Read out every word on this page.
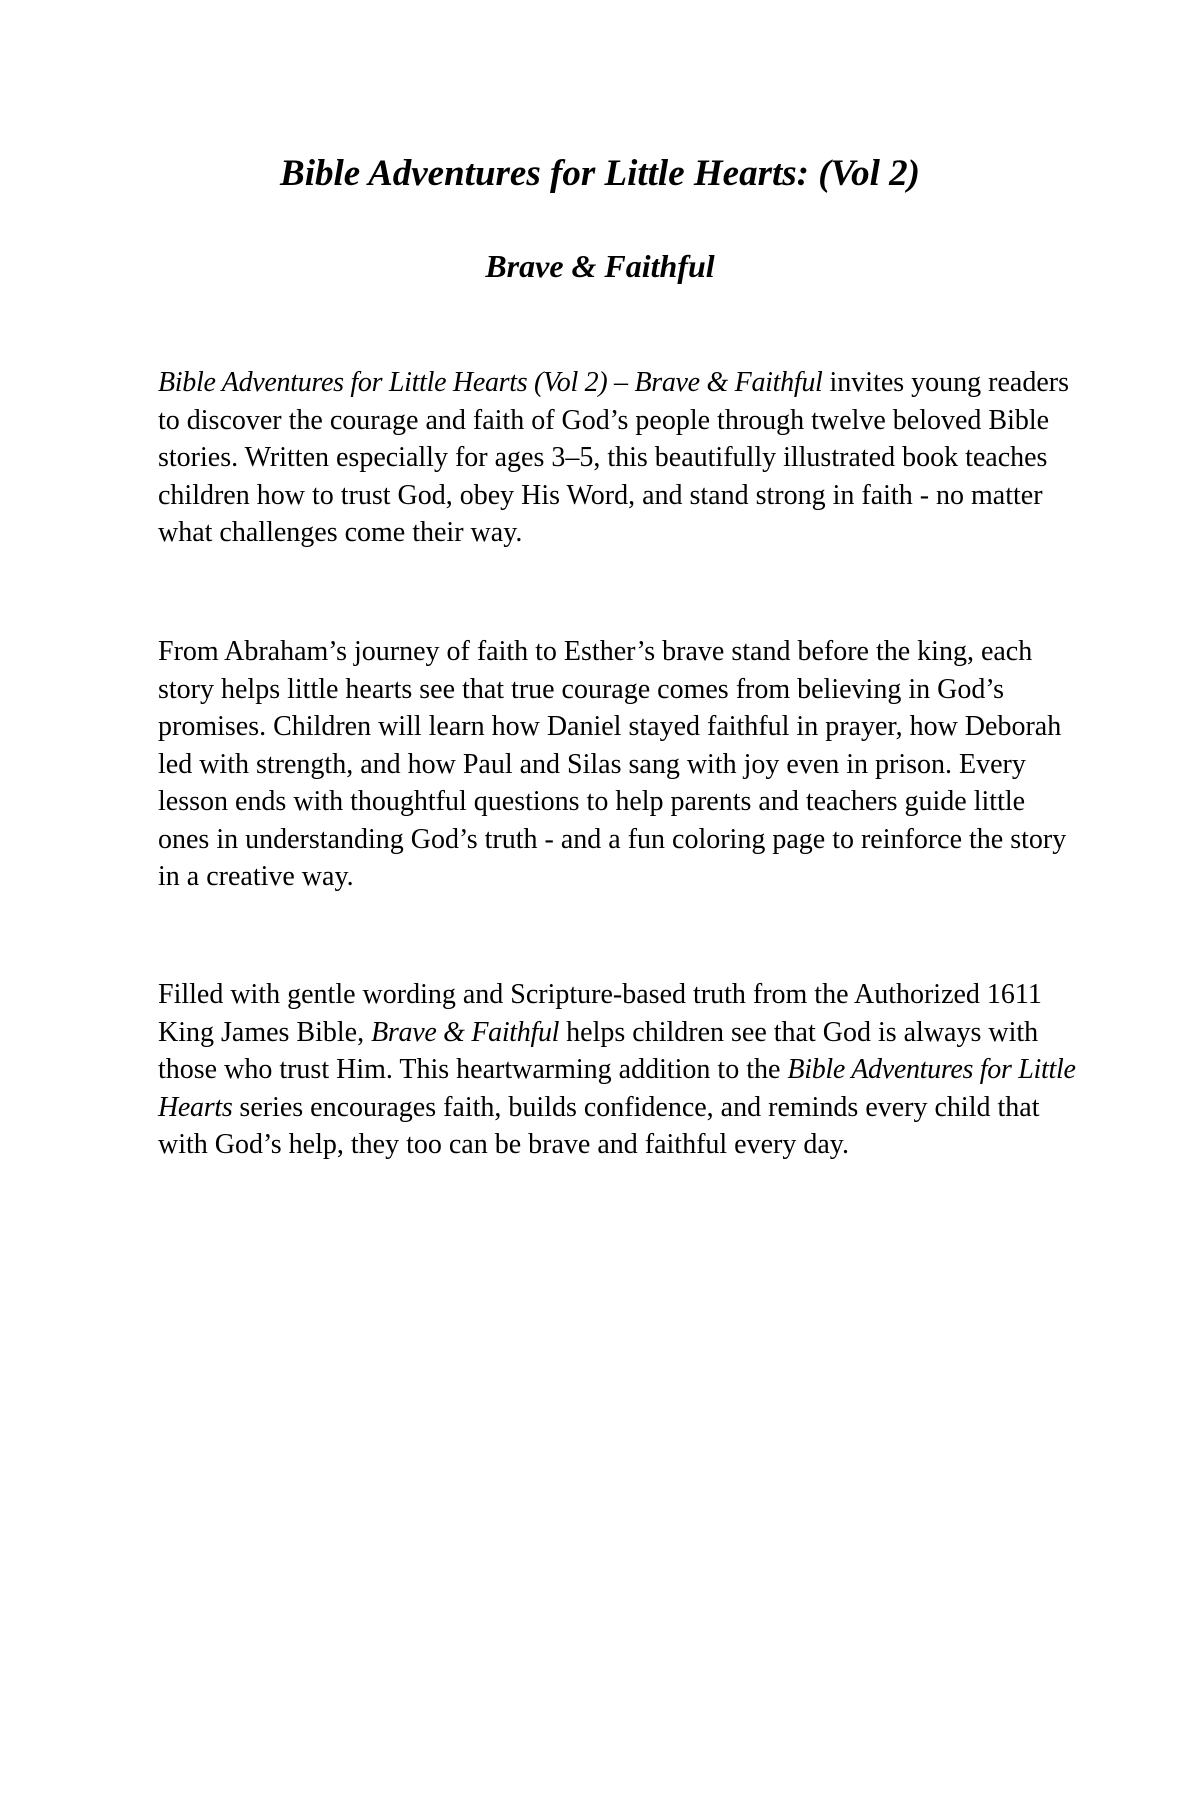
Bible Adventures for Little Hearts: (Vol 2)
Brave & Faithful

Bible Adventures for Little Hearts (Vol 2) – Brave & Faithful invites young readers to discover the courage and faith of God’s people through twelve beloved Bible stories. Written especially for ages 3–5, this beautifully illustrated book teaches children how to trust God, obey His Word, and stand strong in faith - no matter what challenges come their way.

From Abraham’s journey of faith to Esther’s brave stand before the king, each story helps little hearts see that true courage comes from believing in God’s promises. Children will learn how Daniel stayed faithful in prayer, how Deborah led with strength, and how Paul and Silas sang with joy even in prison. Every lesson ends with thoughtful questions to help parents and teachers guide little ones in understanding God’s truth - and a fun coloring page to reinforce the story in a creative way.

Filled with gentle wording and Scripture-based truth from the Authorized 1611 King James Bible, Brave & Faithful helps children see that God is always with those who trust Him. This heartwarming addition to the Bible Adventures for Little Hearts series encourages faith, builds confidence, and reminds every child that with God’s help, they too can be brave and faithful every day.
